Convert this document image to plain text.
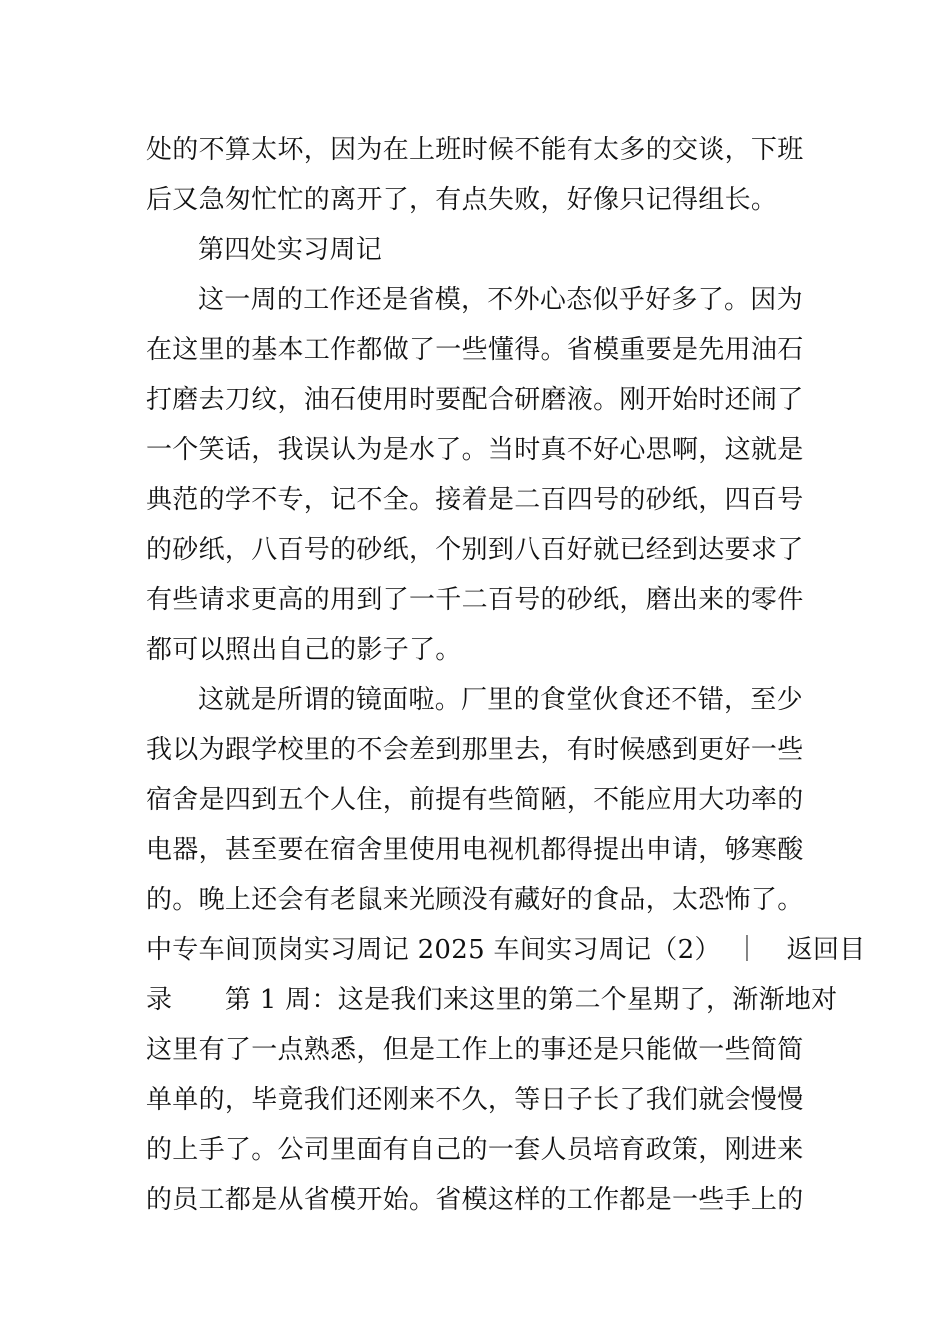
处的不算太坏，因为在上班时候不能有太多的交谈，下班
后又急匆忙忙的离开了，有点失败，好像只记得组长。
第四处实习周记
这一周的工作还是省模，不外心态似乎好多了。因为
在这里的基本工作都做了一些懂得。省模重要是先用油石
打磨去刀纹，油石使用时要配合研磨液。刚开始时还闹了
一个笑话，我误认为是水了。当时真不好心思啊，这就是
典范的学不专，记不全。接着是二百四号的砂纸，四百号
的砂纸，八百号的砂纸，个别到八百好就已经到达要求了
有些请求更高的用到了一千二百号的砂纸，磨出来的零件
都可以照出自己的影子了。
这就是所谓的镜面啦。厂里的食堂伙食还不错，至少
我以为跟学校里的不会差到那里去，有时候感到更好一些
宿舍是四到五个人住，前提有些简陋，不能应用大功率的
电器，甚至要在宿舍里使用电视机都得提出申请，够寒酸
的。晚上还会有老鼠来光顾没有藏好的食品，太恐怖了。
中专车间顶岗实习周记 2025 车间实习周记（2）　｜　返回目
录　　第 1 周：这是我们来这里的第二个星期了，渐渐地对
这里有了一点熟悉，但是工作上的事还是只能做一些简简
单单的，毕竟我们还刚来不久，等日子长了我们就会慢慢
的上手了。公司里面有自己的一套人员培育政策，刚进来
的员工都是从省模开始。省模这样的工作都是一些手上的
